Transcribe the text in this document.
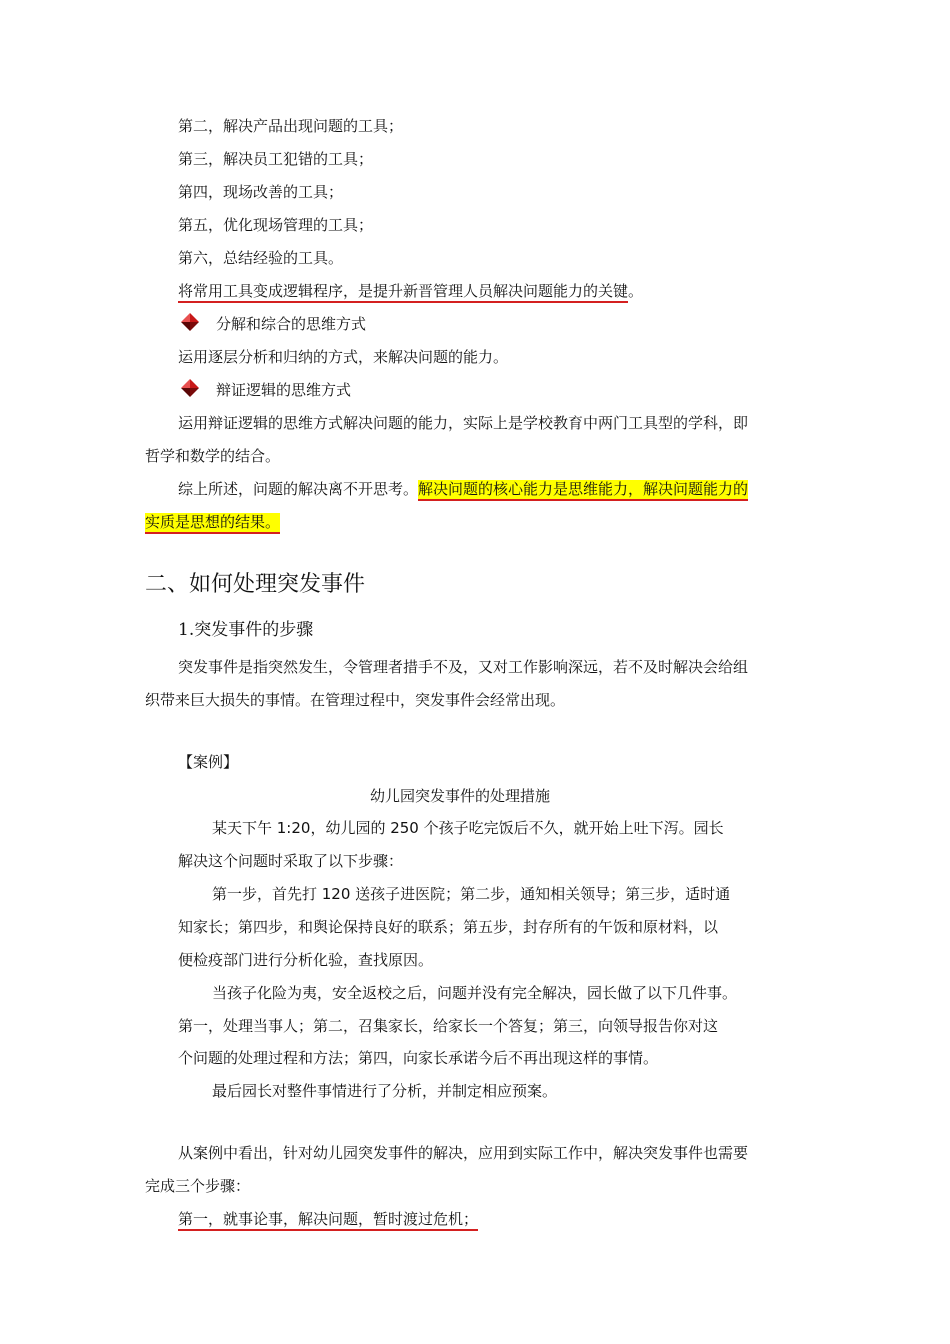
第二，解决产品出现问题的工具；
第三，解决员工犯错的工具；
第四，现场改善的工具；
第五，优化现场管理的工具；
第六，总结经验的工具。
将常用工具变成逻辑程序，是提升新晋管理人员解决问题能力的关键。
分解和综合的思维方式
运用逐层分析和归纳的方式，来解决问题的能力。
辩证逻辑的思维方式
运用辩证逻辑的思维方式解决问题的能力，实际上是学校教育中两门工具型的学科，即
哲学和数学的结合。
综上所述，问题的解决离不开思考。解决问题的核心能力是思维能力，解决问题能力的
实质是思想的结果。
二、如何处理突发事件
1.突发事件的步骤
突发事件是指突然发生，令管理者措手不及，又对工作影响深远，若不及时解决会给组
织带来巨大损失的事情。在管理过程中，突发事件会经常出现。
【案例】
幼儿园突发事件的处理措施
某天下午 1:20，幼儿园的 250 个孩子吃完饭后不久，就开始上吐下泻。园长
解决这个问题时采取了以下步骤：
第一步，首先打 120 送孩子进医院；第二步，通知相关领导；第三步，适时通
知家长；第四步，和舆论保持良好的联系；第五步，封存所有的午饭和原材料，以
便检疫部门进行分析化验，查找原因。
当孩子化险为夷，安全返校之后，问题并没有完全解决，园长做了以下几件事。
第一，处理当事人；第二，召集家长，给家长一个答复；第三，向领导报告你对这
个问题的处理过程和方法；第四，向家长承诺今后不再出现这样的事情。
最后园长对整件事情进行了分析，并制定相应预案。
从案例中看出，针对幼儿园突发事件的解决，应用到实际工作中，解决突发事件也需要
完成三个步骤：
第一，就事论事，解决问题，暂时渡过危机；
